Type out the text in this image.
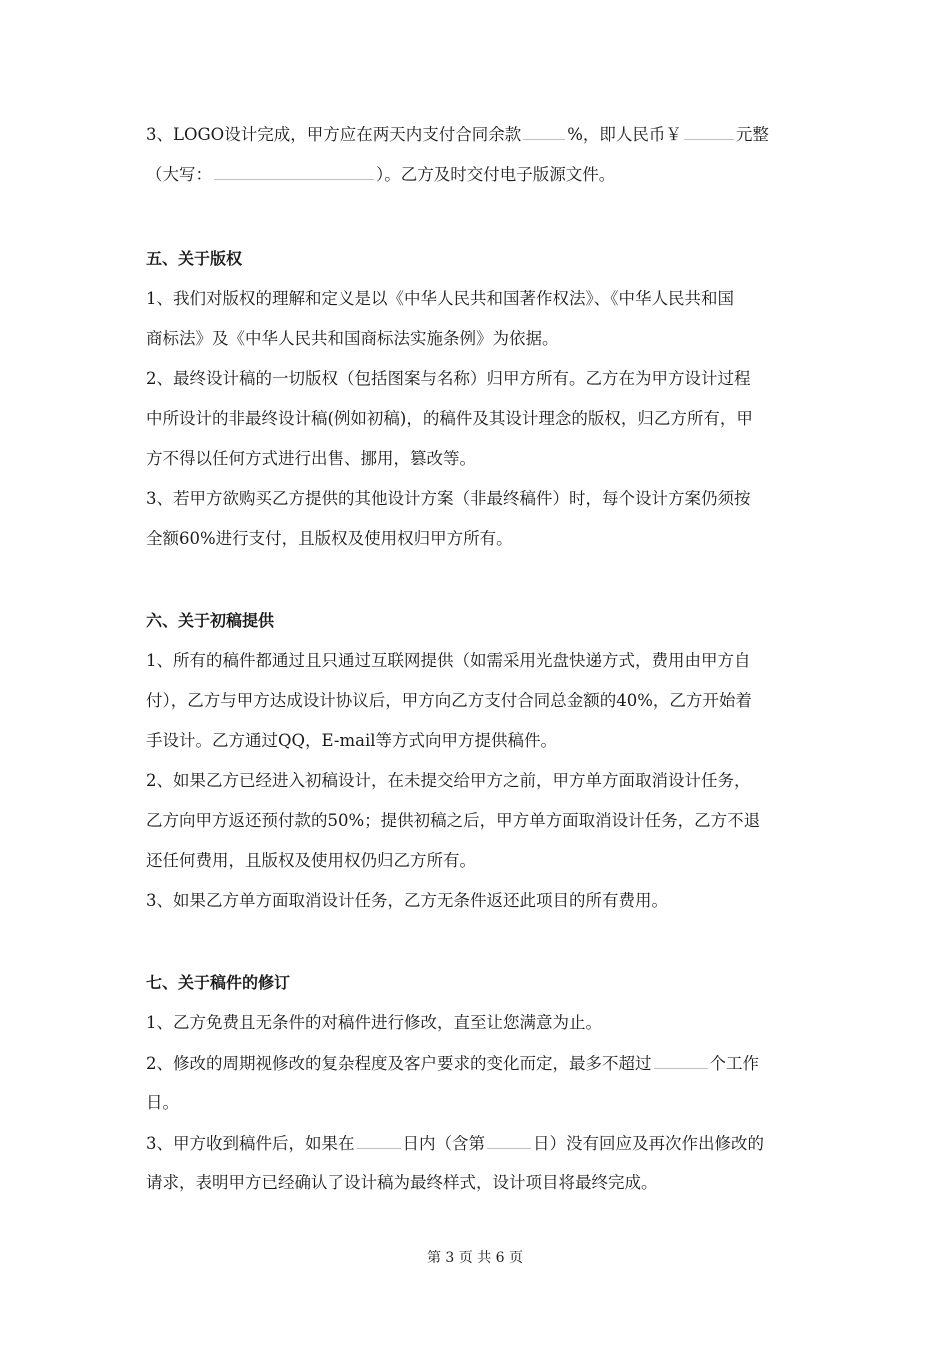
3、LOGO设计完成，甲方应在两天内支付合同余款	%，即人民币￥	元整
（大写：	）。乙方及时交付电子版源文件。
五、关于版权
1、我们对版权的理解和定义是以《中华人民共和国著作权法》、《中华人民共和国
商标法》及《中华人民共和国商标法实施条例》为依据。
2、最终设计稿的一切版权（包括图案与名称）归甲方所有。乙方在为甲方设计过程
中所设计的非最终设计稿(例如初稿)，的稿件及其设计理念的版权，归乙方所有，甲
方不得以任何方式进行出售、挪用，篡改等。
3、若甲方欲购买乙方提供的其他设计方案（非最终稿件）时，每个设计方案仍须按
全额60%进行支付，且版权及使用权归甲方所有。
六、关于初稿提供
1、所有的稿件都通过且只通过互联网提供（如需采用光盘快递方式，费用由甲方自
付），乙方与甲方达成设计协议后，甲方向乙方支付合同总金额的40%，乙方开始着
手设计。乙方通过QQ，E-mail等方式向甲方提供稿件。
2、如果乙方已经进入初稿设计，在未提交给甲方之前，甲方单方面取消设计任务，
乙方向甲方返还预付款的50%；提供初稿之后，甲方单方面取消设计任务，乙方不退
还任何费用，且版权及使用权仍归乙方所有。
3、如果乙方单方面取消设计任务，乙方无条件返还此项目的所有费用。
七、关于稿件的修订
1、乙方免费且无条件的对稿件进行修改，直至让您满意为止。
2、修改的周期视修改的复杂程度及客户要求的变化而定，最多不超过	个工作
日。
3、甲方收到稿件后，如果在	日内（含第	日）没有回应及再次作出修改的
请求，表明甲方已经确认了设计稿为最终样式，设计项目将最终完成。
第 3 页 共 6 页
